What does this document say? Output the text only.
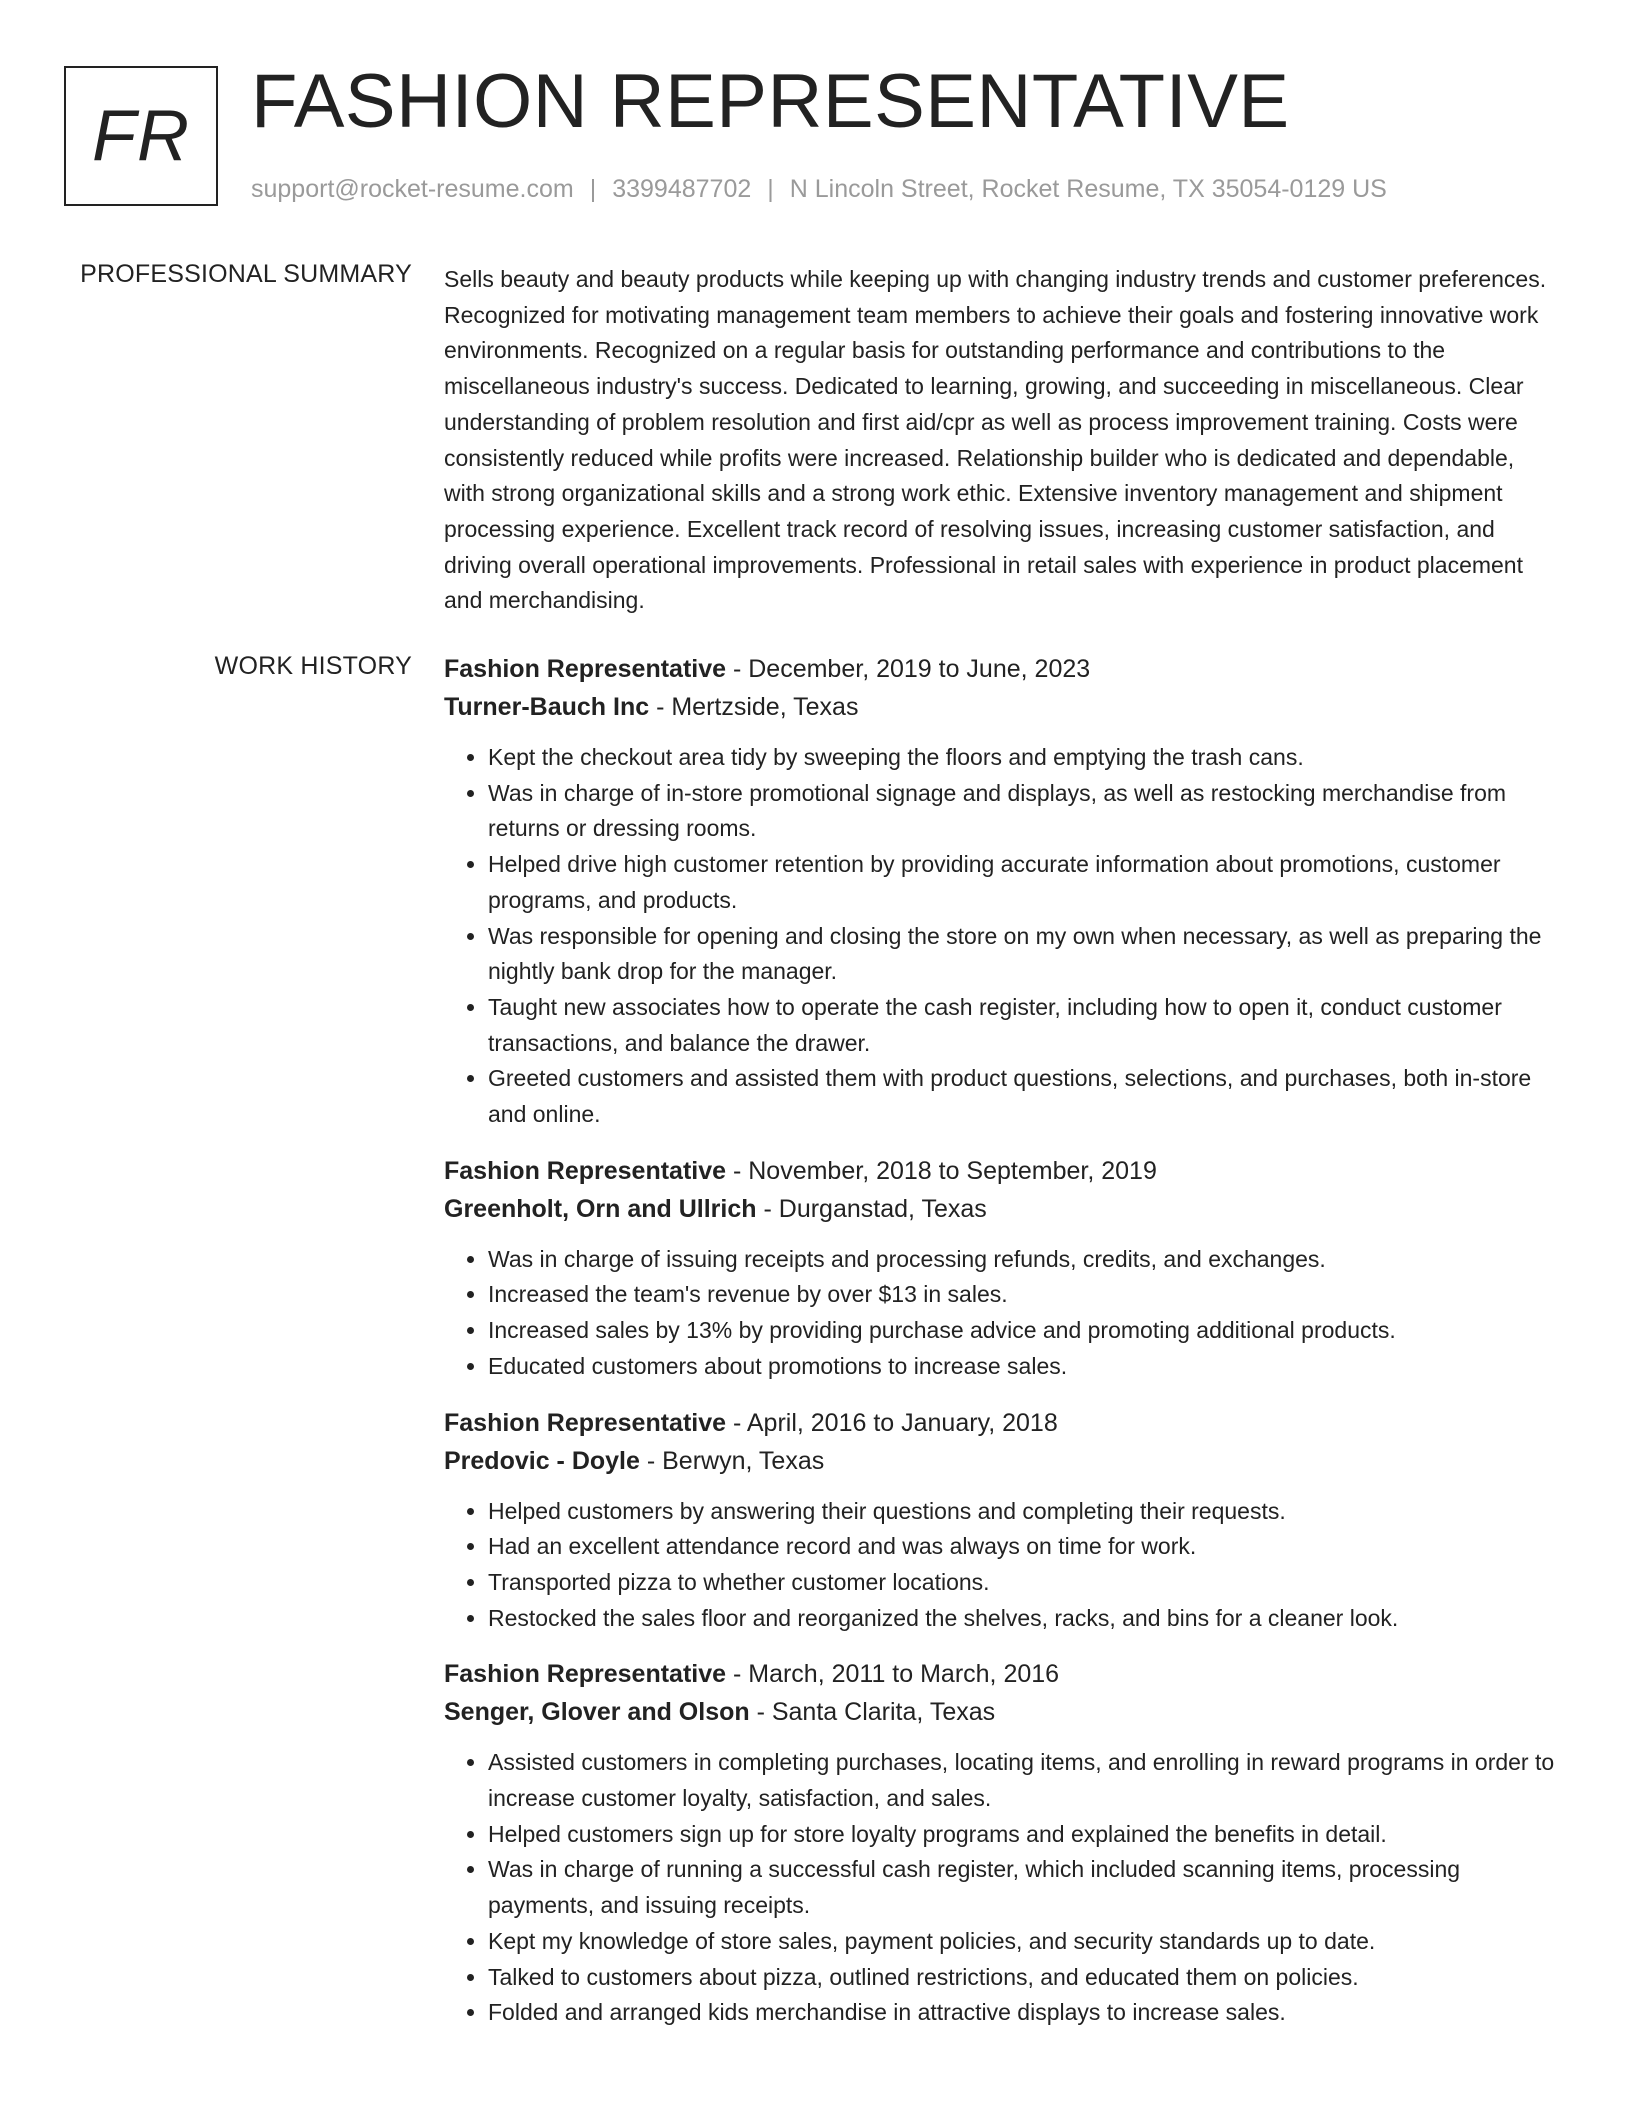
FR FASHION REPRESENTATIVE
support@rocket-resume.com | 3399487702 | N Lincoln Street, Rocket Resume, TX 35054-0129 US
PROFESSIONAL SUMMARY Sells beauty and beauty products while keeping up with changing industry trends and customer preferences. Recognized for motivating management team members to achieve their goals and fostering innovative work environments. Recognized on a regular basis for outstanding performance and contributions to the miscellaneous industry's success. Dedicated to learning, growing, and succeeding in miscellaneous. Clear understanding of problem resolution and first aid/cpr as well as process improvement training. Costs were consistently reduced while profits were increased. Relationship builder who is dedicated and dependable, with strong organizational skills and a strong work ethic. Extensive inventory management and shipment processing experience. Excellent track record of resolving issues, increasing customer satisfaction, and driving overall operational improvements. Professional in retail sales with experience in product placement and merchandising.

WORK HISTORY Fashion Representative - December, 2019 to June, 2023
Turner-Bauch Inc - Mertzside, Texas
• Kept the checkout area tidy by sweeping the floors and emptying the trash cans.
• Was in charge of in-store promotional signage and displays, as well as restocking merchandise from returns or dressing rooms.
• Helped drive high customer retention by providing accurate information about promotions, customer programs, and products.
• Was responsible for opening and closing the store on my own when necessary, as well as preparing the nightly bank drop for the manager.
• Taught new associates how to operate the cash register, including how to open it, conduct customer transactions, and balance the drawer.
• Greeted customers and assisted them with product questions, selections, and purchases, both in-store and online.
Fashion Representative - November, 2018 to September, 2019
Greenholt, Orn and Ullrich - Durganstad, Texas
• Was in charge of issuing receipts and processing refunds, credits, and exchanges.
• Increased the team's revenue by over $13 in sales.
• Increased sales by 13% by providing purchase advice and promoting additional products.
• Educated customers about promotions to increase sales.
Fashion Representative - April, 2016 to January, 2018
Predovic - Doyle - Berwyn, Texas
• Helped customers by answering their questions and completing their requests.
• Had an excellent attendance record and was always on time for work.
• Transported pizza to whether customer locations.
• Restocked the sales floor and reorganized the shelves, racks, and bins for a cleaner look.
Fashion Representative - March, 2011 to March, 2016
Senger, Glover and Olson - Santa Clarita, Texas
• Assisted customers in completing purchases, locating items, and enrolling in reward programs in order to increase customer loyalty, satisfaction, and sales.
• Helped customers sign up for store loyalty programs and explained the benefits in detail.
• Was in charge of running a successful cash register, which included scanning items, processing payments, and issuing receipts.
• Kept my knowledge of store sales, payment policies, and security standards up to date.
• Talked to customers about pizza, outlined restrictions, and educated them on policies.
• Folded and arranged kids merchandise in attractive displays to increase sales.
